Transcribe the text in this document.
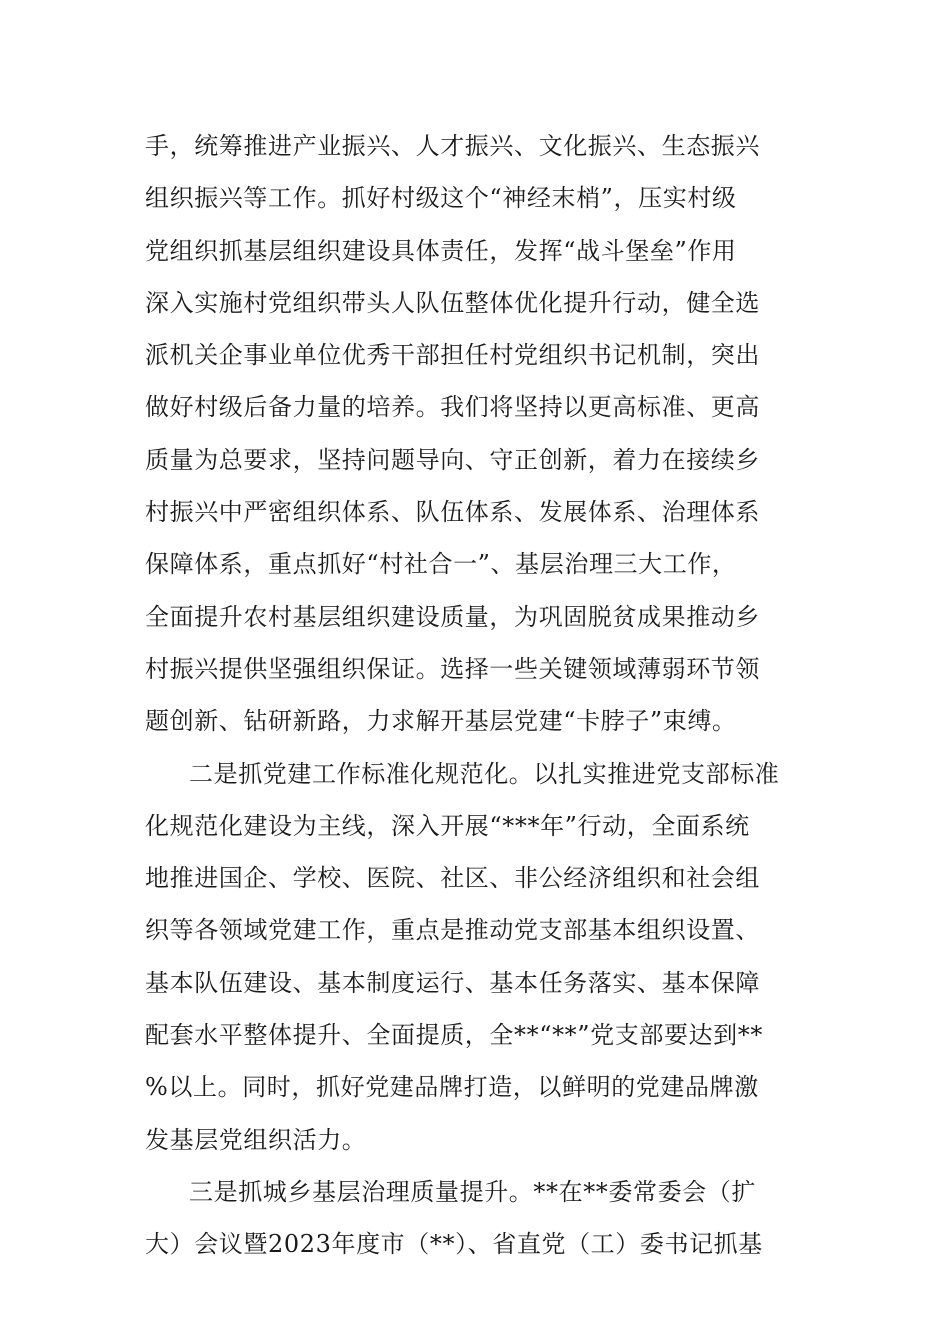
手，统筹推进产业振兴、人才振兴、文化振兴、生态振兴
组织振兴等工作。抓好村级这个“神经末梢”，压实村级
党组织抓基层组织建设具体责任，发挥“战斗堡垒”作用
深入实施村党组织带头人队伍整体优化提升行动，健全选
派机关企事业单位优秀干部担任村党组织书记机制，突出
做好村级后备力量的培养。我们将坚持以更高标准、更高
质量为总要求，坚持问题导向、守正创新，着力在接续乡
村振兴中严密组织体系、队伍体系、发展体系、治理体系
保障体系，重点抓好“村社合一”、基层治理三大工作，
全面提升农村基层组织建设质量，为巩固脱贫成果推动乡
村振兴提供坚强组织保证。选择一些关键领域薄弱环节领
题创新、钻研新路，力求解开基层党建“卡脖子”束缚。
二是抓党建工作标准化规范化。以扎实推进党支部标准
化规范化建设为主线，深入开展“***年”行动，全面系统
地推进国企、学校、医院、社区、非公经济组织和社会组
织等各领域党建工作，重点是推动党支部基本组织设置、
基本队伍建设、基本制度运行、基本任务落实、基本保障
配套水平整体提升、全面提质，全**“**”党支部要达到**
%以上。同时，抓好党建品牌打造，以鲜明的党建品牌激
发基层党组织活力。
三是抓城乡基层治理质量提升。**在**委常委会（扩
大）会议暨2023年度市（**）、省直党（工）委书记抓基
